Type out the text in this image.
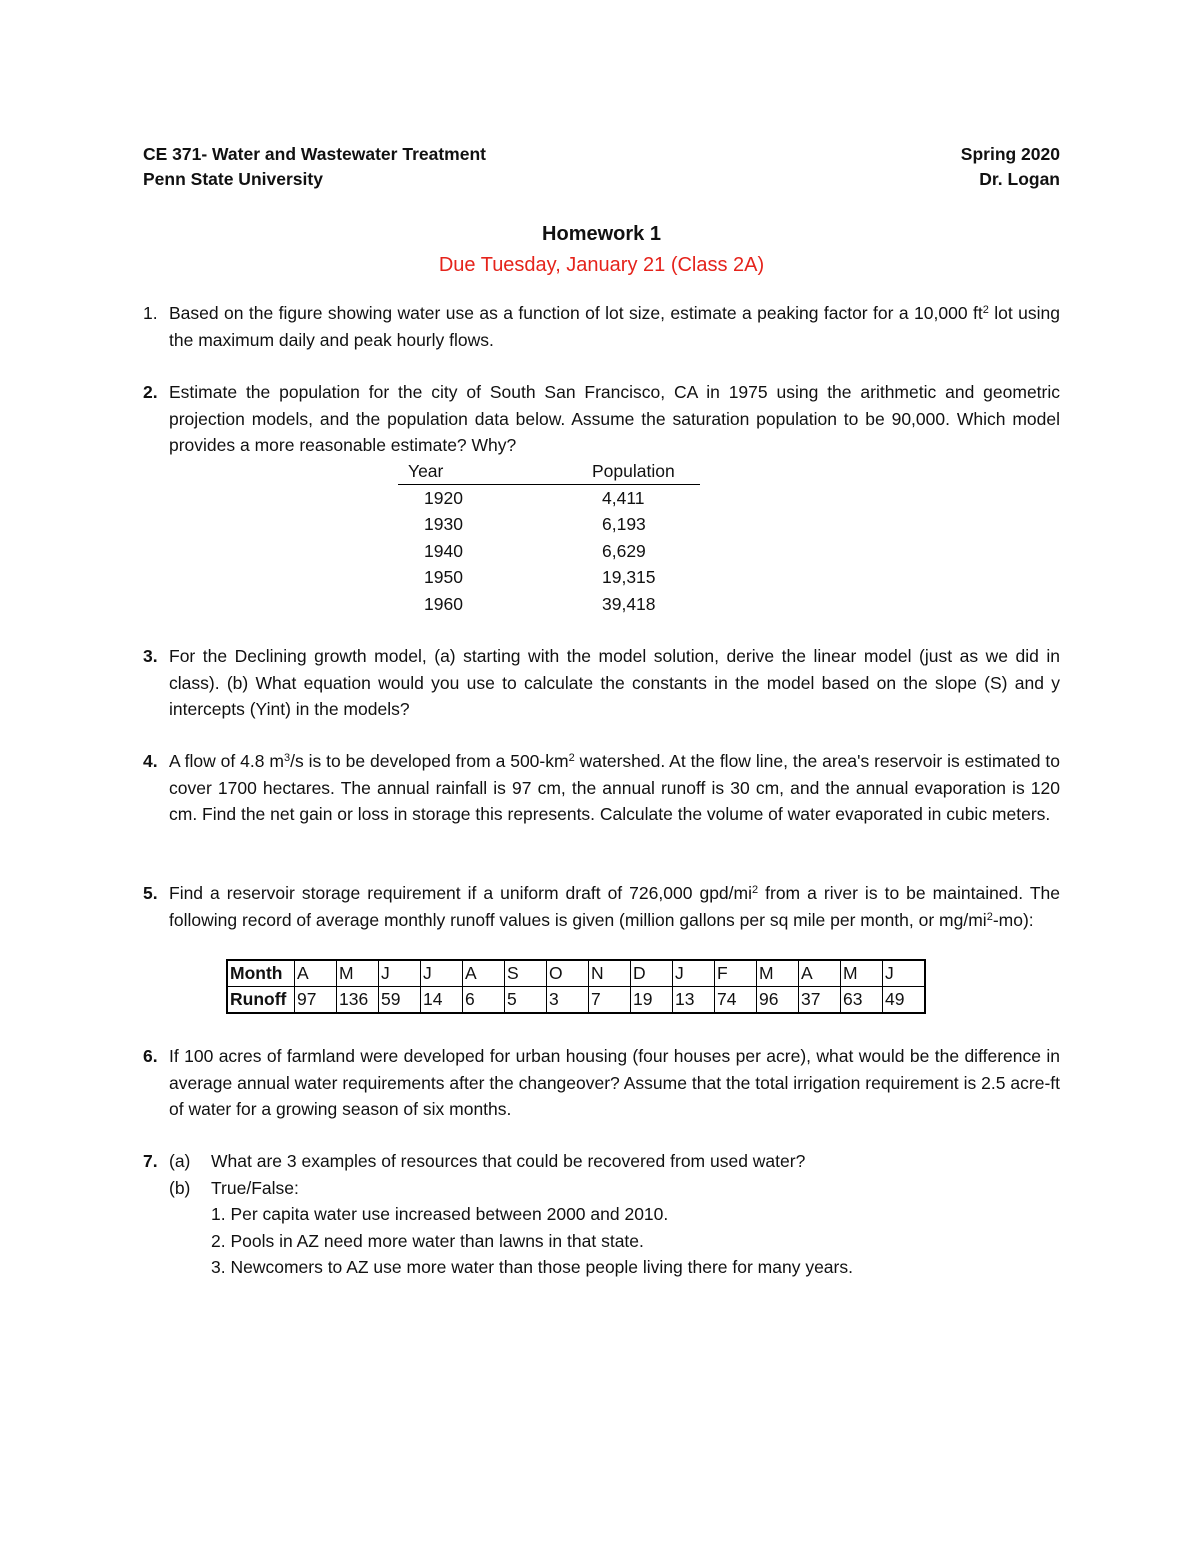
CE 371- Water and Wastewater Treatment	Spring 2020
Penn State University	Dr. Logan
Homework 1
Due Tuesday, January 21 (Class 2A)
1. Based on the figure showing water use as a function of lot size, estimate a peaking factor for a 10,000 $ft^2$ lot using the maximum daily and peak hourly flows.
2. Estimate the population for the city of South San Francisco, CA in 1975 using the arithmetic and geometric projection models, and the population data below. Assume the saturation population to be 90,000. Which model provides a more reasonable estimate? Why?
Year	Population
1920	4,411
1930	6,193
1940	6,629
1950	19,315
1960	39,418
3. For the Declining growth model, (a) starting with the model solution, derive the linear model (just as we did in class). (b) What equation would you use to calculate the constants in the model based on the slope (S) and y intercepts (Yint) in the models?
4. A flow of 4.8 $m^3/s$ is to be developed from a $500-km^2$ watershed. At the flow line, the area's reservoir is estimated to cover 1700 hectares. The annual rainfall is 97 cm, the annual runoff is 30 cm, and the annual evaporation is 120 cm. Find the net gain or loss in storage this represents. Calculate the volume of water evaporated in cubic meters.
5. Find a reservoir storage requirement if a uniform draft of 726,000 gpd/$mi^2$ from a river is to be maintained. The following record of average monthly runoff values is given (million gallons per sq mile per month, or $mg/mi^2-mo$):
Month	A	M	J	J	A	S	O	N	D	J	F	M	A	M	J
Runoff	97	136	59	14	6	5	3	7	19	13	74	96	37	63	49
6. If 100 acres of farmland were developed for urban housing (four houses per acre), what would be the difference in average annual water requirements after the changeover? Assume that the total irrigation requirement is 2.5 acre-ft of water for a growing season of six months.
7. (a) What are 3 examples of resources that could be recovered from used water?
(b) True/False:
1. Per capita water use increased between 2000 and 2010.
2. Pools in AZ need more water than lawns in that state.
3. Newcomers to AZ use more water than those people living there for many years.
